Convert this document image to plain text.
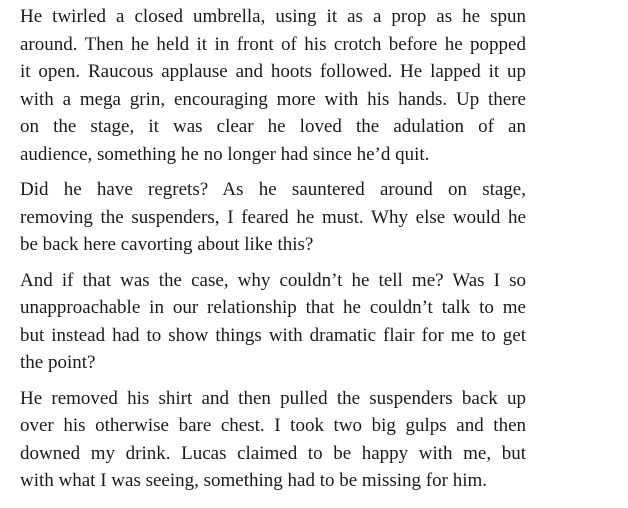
He twirled a closed umbrella, using it as a prop as he spun
around. Then he held it in front of his crotch before he popped
it open. Raucous applause and hoots followed. He lapped it up
with a mega grin, encouraging more with his hands. Up there
on the stage, it was clear he loved the adulation of an
audience, something he no longer had since he’d quit.

Did he have regrets? As he sauntered around on stage,
removing the suspenders, I feared he must. Why else would he
be back here cavorting about like this?

And if that was the case, why couldn’t he tell me? Was I so
unapproachable in our relationship that he couldn’t talk to me
but instead had to show things with dramatic flair for me to get
the point?

He removed his shirt and then pulled the suspenders back up
over his otherwise bare chest. I took two big gulps and then
downed my drink. Lucas claimed to be happy with me, but
with what I was seeing, something had to be missing for him.
